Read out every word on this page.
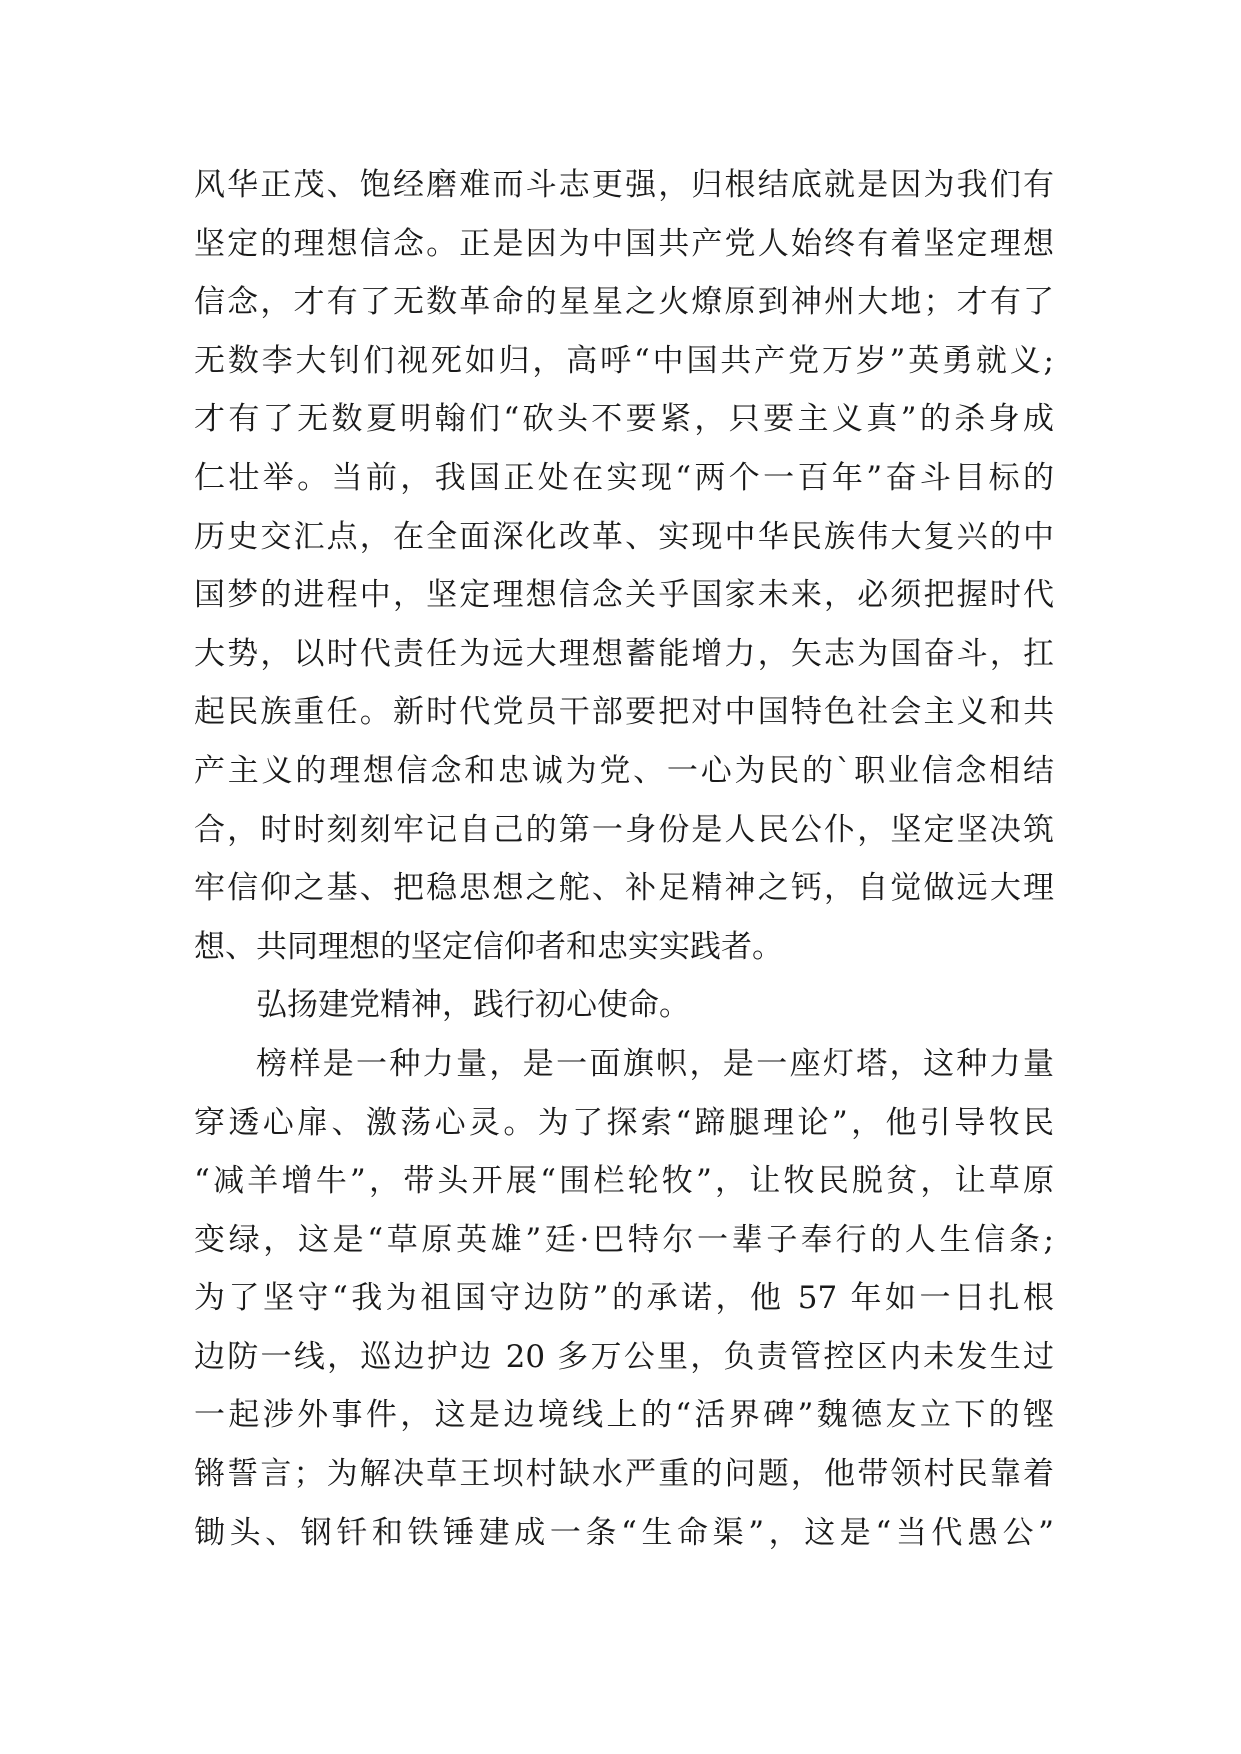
风华正茂、饱经磨难而斗志更强，归根结底就是因为我们有
坚定的理想信念。正是因为中国共产党人始终有着坚定理想
信念，才有了无数革命的星星之火燎原到神州大地；才有了
无数李大钊们视死如归，高呼“中国共产党万岁”英勇就义;
才有了无数夏明翰们“砍头不要紧，只要主义真”的杀身成
仁壮举。当前，我国正处在实现“两个一百年”奋斗目标的
历史交汇点，在全面深化改革、实现中华民族伟大复兴的中
国梦的进程中，坚定理想信念关乎国家未来，必须把握时代
大势，以时代责任为远大理想蓄能增力，矢志为国奋斗，扛
起民族重任。新时代党员干部要把对中国特色社会主义和共
产主义的理想信念和忠诚为党、一心为民的`职业信念相结
合，时时刻刻牢记自己的第一身份是人民公仆，坚定坚决筑
牢信仰之基、把稳思想之舵、补足精神之钙，自觉做远大理
想、共同理想的坚定信仰者和忠实实践者。
弘扬建党精神，践行初心使命。
榜样是一种力量，是一面旗帜，是一座灯塔，这种力量
穿透心扉、激荡心灵。为了探索“蹄腿理论”，他引导牧民
“减羊增牛”，带头开展“围栏轮牧”，让牧民脱贫，让草原
变绿，这是“草原英雄”廷·巴特尔一辈子奉行的人生信条;
为了坚守“我为祖国守边防”的承诺，他 57 年如一日扎根
边防一线，巡边护边 20 多万公里，负责管控区内未发生过
一起涉外事件，这是边境线上的“活界碑”魏德友立下的铿
锵誓言；为解决草王坝村缺水严重的问题，他带领村民靠着
锄头、钢钎和铁锤建成一条“生命渠”，这是“当代愚公”
